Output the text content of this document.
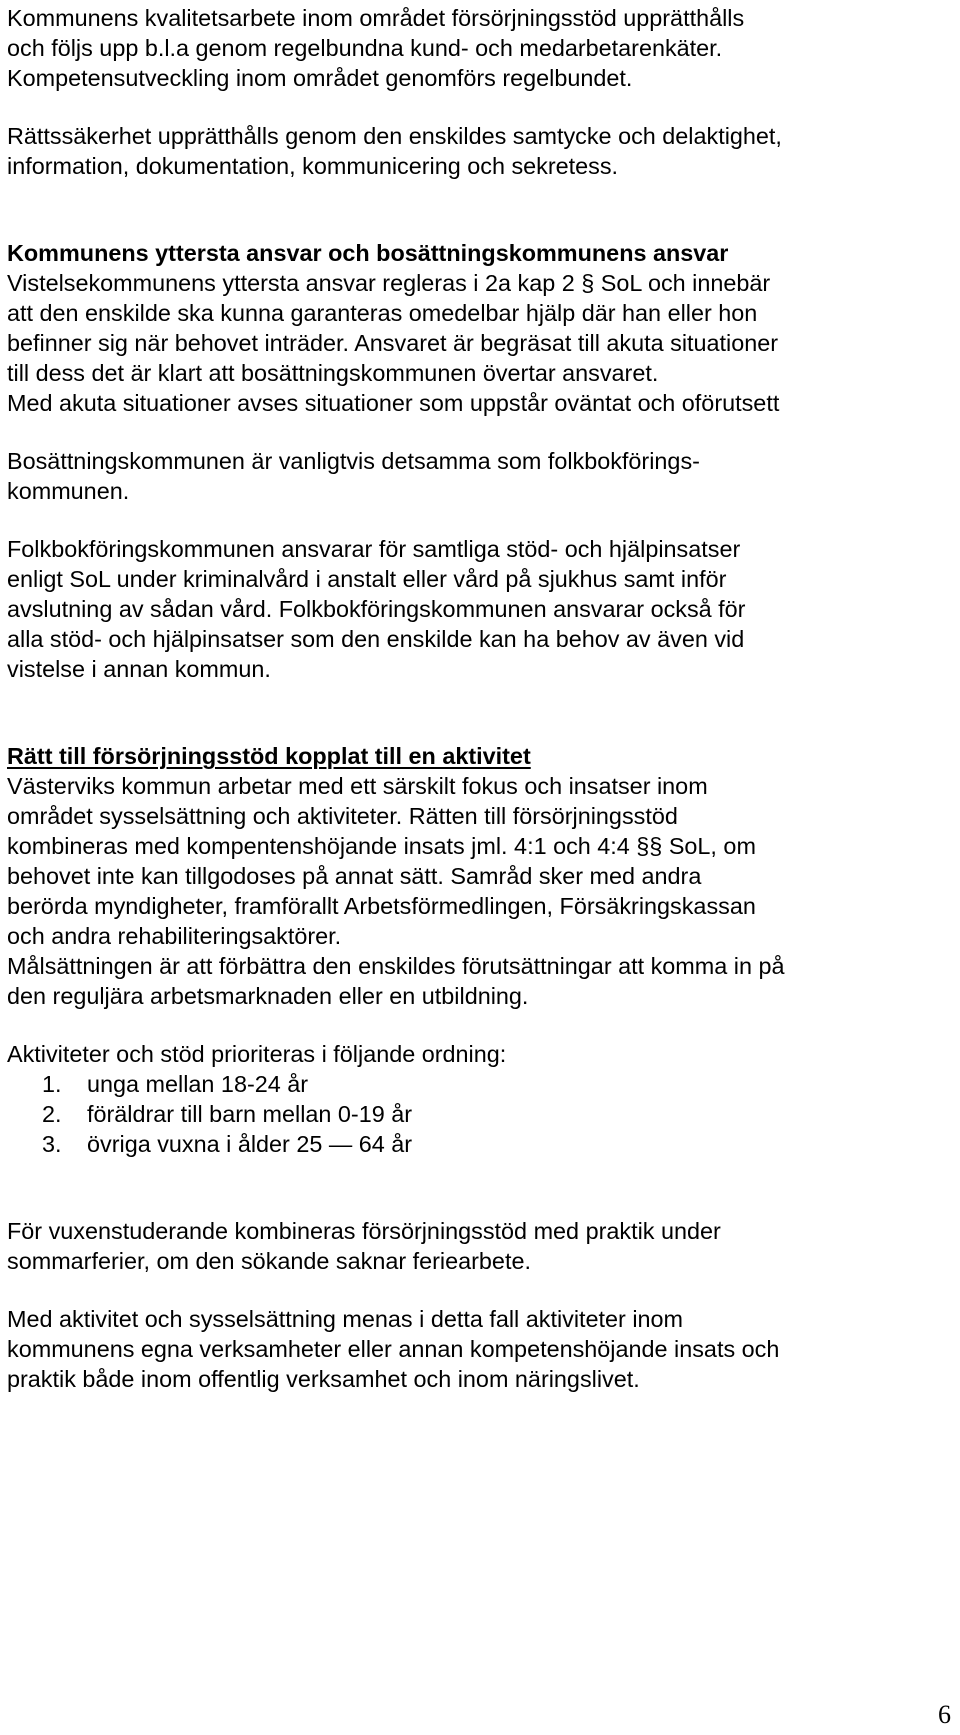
Kommunens kvalitetsarbete inom området försörjningsstöd upprätthålls

och följs upp b.l.a genom regelbundna kund- och medarbetarenkäter.

Kompetensutveckling inom området genomförs regelbundet.

Rättssäkerhet upprätthålls genom den enskildes samtycke och delaktighet,

information, dokumentation, kommunicering och sekretess.

Kommunens yttersta ansvar och bosättningskommunens ansvar

Vistelsekommunens yttersta ansvar regleras i 2a kap 2 § SoL och innebär

att den enskilde ska kunna garanteras omedelbar hjälp där han eller hon

befinner sig när behovet inträder. Ansvaret är begräsat till akuta situationer

till dess det är klart att bosättningskommunen övertar ansvaret.

Med akuta situationer avses situationer som uppstår oväntat och oförutsett

Bosättningskommunen är vanligtvis detsamma som folkbokförings-

kommunen.

Folkbokföringskommunen ansvarar för samtliga stöd- och hjälpinsatser

enligt SoL under kriminalvård i anstalt eller vård på sjukhus samt inför

avslutning av sådan vård. Folkbokföringskommunen ansvarar också för

alla stöd- och hjälpinsatser som den enskilde kan ha behov av även vid

vistelse i annan kommun.

Rätt till försörjningsstöd kopplat till en aktivitet

Västerviks kommun arbetar med ett särskilt fokus och insatser inom

området sysselsättning och aktiviteter. Rätten till försörjningsstöd

kombineras med kompentenshöjande insats jml. 4:1 och 4:4 §§ SoL, om

behovet inte kan tillgodoses på annat sätt. Samråd sker med andra

berörda myndigheter, framförallt Arbetsförmedlingen, Försäkringskassan

och andra rehabiliteringsaktörer.

Målsättningen är att förbättra den enskildes förutsättningar att komma in på

den reguljära arbetsmarknaden eller en utbildning.

Aktiviteter och stöd prioriteras i följande ordning:

1. unga mellan 18-24 år
2. föräldrar till barn mellan 0-19 år
3. övriga vuxna i ålder 25 — 64 år

För vuxenstuderande kombineras försörjningsstöd med praktik under

sommarferier, om den sökande saknar feriearbete.

Med aktivitet och sysselsättning menas i detta fall aktiviteter inom

kommunens egna verksamheter eller annan kompetenshöjande insats och

praktik både inom offentlig verksamhet och inom näringslivet.

6
